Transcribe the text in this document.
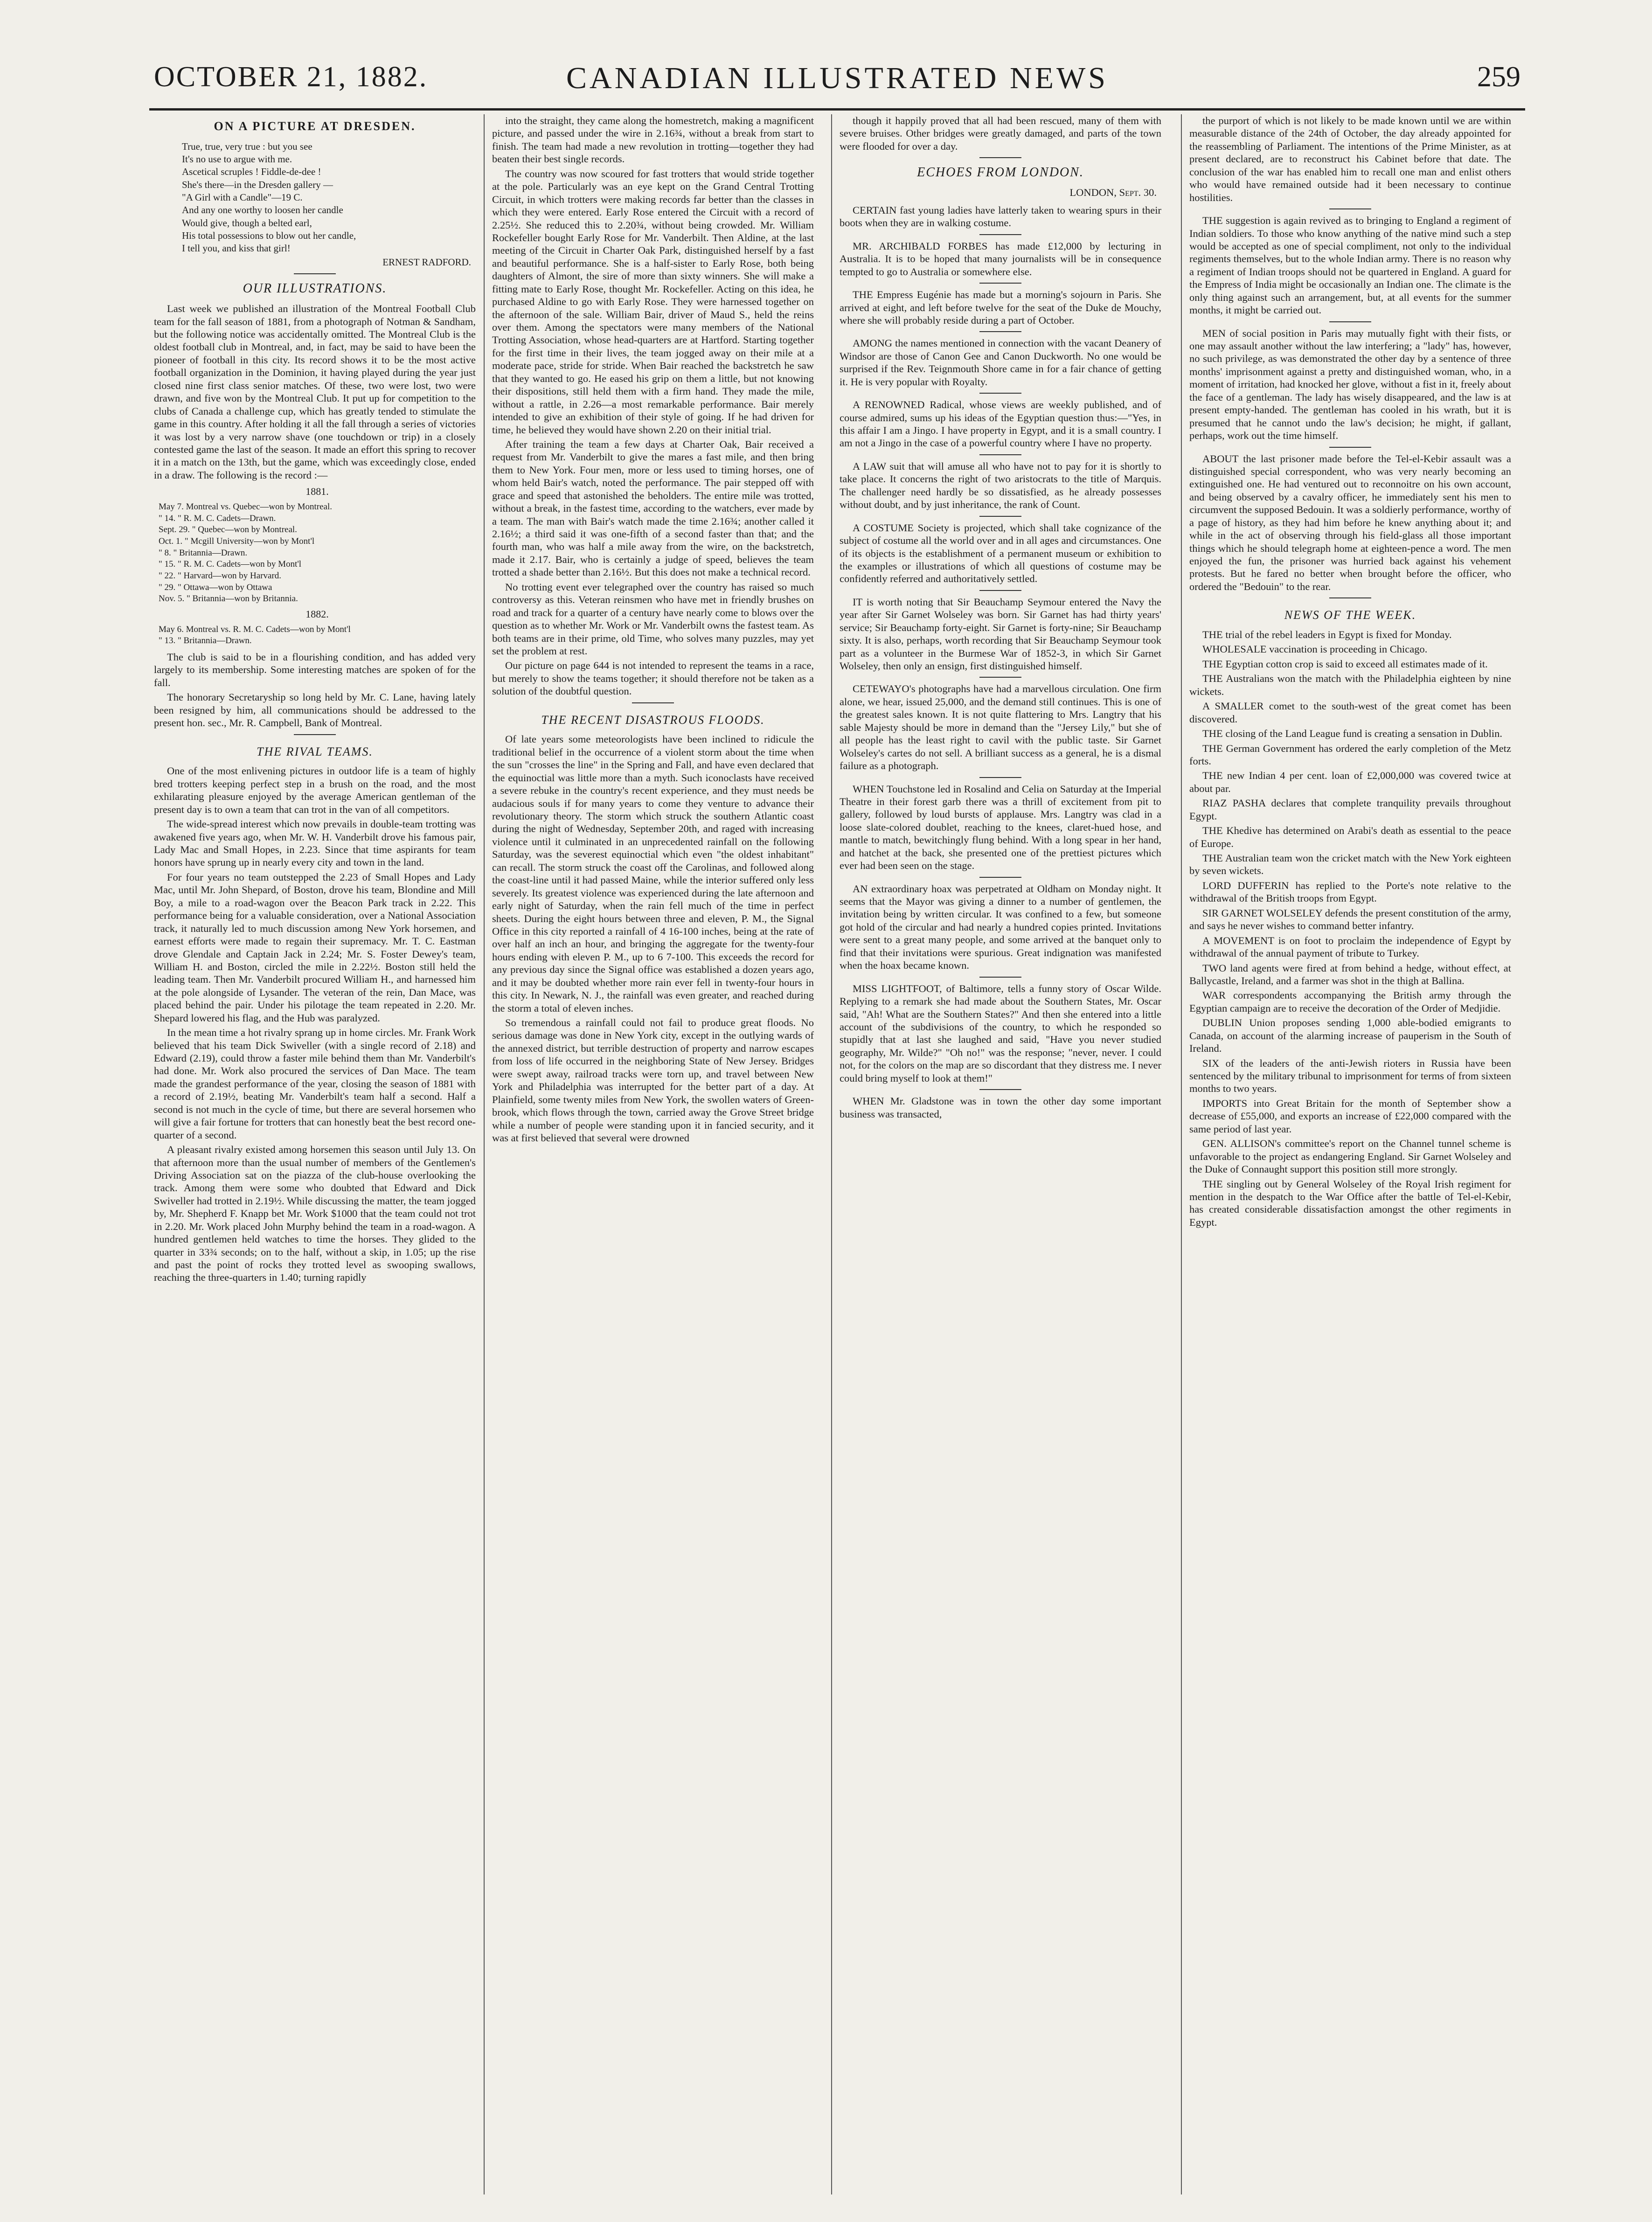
OCTOBER 21, 1882.	CANADIAN ILLUSTRATED NEWS	259
ON A PICTURE AT DRESDEN.
True, true, very true : but you see
It's no use to argue with me.
Ascetical scruples ! Fiddle-de-dee !
She's there—in the Dresden gallery —
"A Girl with a Candle"—19 C.
And any one worthy to loosen her candle
Would give, though a belted earl,
His total possessions to blow out her candle,
I tell you, and kiss that girl!
ERNEST RADFORD.
OUR ILLUSTRATIONS.

Last week we published an illustration of the Montreal Football Club team for the fall season of 1881, from a photograph of Notman & Sandham, but the following notice was accidentally omitted. The Montreal Club is the oldest football club in Montreal, and, in fact, may be said to have been the pioneer of football in this city. Its record shows it to be the most active football organization in the Dominion, it having played during the year just closed nine first class senior matches. Of these, two were lost, two were drawn, and five won by the Montreal Club. It put up for competition to the clubs of Canada a challenge cup, which has greatly tended to stimulate the game in this country. After holding it all the fall through a series of victories it was lost by a very narrow shave (one touchdown or trip) in a closely contested game the last of the season. It made an effort this spring to recover it in a match on the 13th, but the game, which was exceedingly close, ended in a draw. The following is the record :—

1881.
May 7. Montreal vs. Quebec—won by Montreal.
" 14. " R. M. C. Cadets—Drawn.
Sept. 29. " Quebec—won by Montreal.
Oct. 1. " Mcgill University—won by Mont'l
" 8. " Britannia—Drawn.
" 15. " R. M. C. Cadets—won by Mont'l
" 22. " Harvard—won by Harvard.
" 29. " Ottawa—won by Ottawa
Nov. 5. " Britannia—won by Britannia.
1882.
May 6. Montreal vs. R. M. C. Cadets—won by Mont'l
" 13. " Britannia—Drawn.

The club is said to be in a flourishing condition, and has added very largely to its membership. Some interesting matches are spoken of for the fall.

The honorary Secretaryship so long held by Mr. C. Lane, having lately been resigned by him, all communications should be addressed to the present hon. sec., Mr. R. Campbell, Bank of Montreal.

THE RIVAL TEAMS.

One of the most enlivening pictures in outdoor life is a team of highly bred trotters keeping perfect step in a brush on the road, and the most exhilarating pleasure enjoyed by the average American gentleman of the present day is to own a team that can trot in the van of all competitors.

The wide-spread interest which now prevails in double-team trotting was awakened five years ago, when Mr. W. H. Vanderbilt drove his famous pair, Lady Mac and Small Hopes, in 2.23. Since that time aspirants for team honors have sprung up in nearly every city and town in the land.

For four years no team outstepped the 2.23 of Small Hopes and Lady Mac, until Mr. John Shepard, of Boston, drove his team, Blondine and Mill Boy, a mile to a road-wagon over the Beacon Park track in 2.22. This performance being for a valuable consideration, over a National Association track, it naturally led to much discussion among New York horsemen, and earnest efforts were made to regain their supremacy. Mr. T. C. Eastman drove Glendale and Captain Jack in 2.24; Mr. S. Foster Dewey's team, William H. and Boston, circled the mile in 2.22½. Boston still held the leading team. Then Mr. Vanderbilt procured William H., and harnessed him at the pole alongside of Lysander. The veteran of the rein, Dan Mace, was placed behind the pair. Under his pilotage the team repeated in 2.20. Mr. Shepard lowered his flag, and the Hub was paralyzed.

In the mean time a hot rivalry sprang up in home circles. Mr. Frank Work believed that his team Dick Swiveller (with a single record of 2.18) and Edward (2.19), could throw a faster mile behind them than Mr. Vanderbilt's had done. Mr. Work also procured the services of Dan Mace. The team made the grandest performance of the year, closing the season of 1881 with a record of 2.19½, beating Mr. Vanderbilt's team half a second. Half a second is not much in the cycle of time, but there are several horsemen who will give a fair fortune for trotters that can honestly beat the best record one-quarter of a second.

A pleasant rivalry existed among horsemen this season until July 13. On that afternoon more than the usual number of members of the Gentlemen's Driving Association sat on the piazza of the club-house overlooking the track. Among them were some who doubted that Edward and Dick Swiveller had trotted in 2.19½. While discussing the matter, the team jogged by, Mr. Shepherd F. Knapp bet Mr. Work $1000 that the team could not trot in 2.20. Mr. Work placed John Murphy behind the team in a road-wagon. A hundred gentlemen held watches to time the horses. They glided to the quarter in 33¾ seconds; on to the half, without a skip, in 1.05; up the rise and past the point of rocks they trotted level as swooping swallows, reaching the three-quarters in 1.40; turning rapidly

into the straight, they came along the homestretch, making a magnificent picture, and passed under the wire in 2.16¾, without a break from start to finish. The team had made a new revolution in trotting—together they had beaten their best single records.

The country was now scoured for fast trotters that would stride together at the pole. Particularly was an eye kept on the Grand Central Trotting Circuit, in which trotters were making records far better than the classes in which they were entered. Early Rose entered the Circuit with a record of 2.25½. She reduced this to 2.20¾, without being crowded. Mr. William Rockefeller bought Early Rose for Mr. Vanderbilt. Then Aldine, at the last meeting of the Circuit in Charter Oak Park, distinguished herself by a fast and beautiful performance. She is a half-sister to Early Rose, both being daughters of Almont, the sire of more than sixty winners. She will make a fitting mate to Early Rose, thought Mr. Rockefeller. Acting on this idea, he purchased Aldine to go with Early Rose. They were harnessed together on the afternoon of the sale. William Bair, driver of Maud S., held the reins over them. Among the spectators were many members of the National Trotting Association, whose head-quarters are at Hartford. Starting together for the first time in their lives, the team jogged away on their mile at a moderate pace, stride for stride. When Bair reached the backstretch he saw that they wanted to go. He eased his grip on them a little, but not knowing their dispositions, still held them with a firm hand. They made the mile, without a rattle, in 2.26—a most remarkable performance. Bair merely intended to give an exhibition of their style of going. If he had driven for time, he believed they would have shown 2.20 on their initial trial.

After training the team a few days at Charter Oak, Bair received a request from Mr. Vanderbilt to give the mares a fast mile, and then bring them to New York. Four men, more or less used to timing horses, one of whom held Bair's watch, noted the performance. The pair stepped off with grace and speed that astonished the beholders. The entire mile was trotted, without a break, in the fastest time, according to the watchers, ever made by a team. The man with Bair's watch made the time 2.16¾; another called it 2.16½; a third said it was one-fifth of a second faster than that; and the fourth man, who was half a mile away from the wire, on the backstretch, made it 2.17. Bair, who is certainly a judge of speed, believes the team trotted a shade better than 2.16½. But this does not make a technical record.

No trotting event ever telegraphed over the country has raised so much controversy as this. Veteran reinsmen who have met in friendly brushes on road and track for a quarter of a century have nearly come to blows over the question as to whether Mr. Work or Mr. Vanderbilt owns the fastest team. As both teams are in their prime, old Time, who solves many puzzles, may yet set the problem at rest.

Our picture on page 644 is not intended to represent the teams in a race, but merely to show the teams together; it should therefore not be taken as a solution of the doubtful question.

THE RECENT DISASTROUS FLOODS.

Of late years some meteorologists have been inclined to ridicule the traditional belief in the occurrence of a violent storm about the time when the sun "crosses the line" in the Spring and Fall, and have even declared that the equinoctial was little more than a myth. Such iconoclasts have received a severe rebuke in the country's recent experience, and they must needs be audacious souls if for many years to come they venture to advance their revolutionary theory. The storm which struck the southern Atlantic coast during the night of Wednesday, September 20th, and raged with increasing violence until it culminated in an unprecedented rainfall on the following Saturday, was the severest equinoctial which even "the oldest inhabitant" can recall. The storm struck the coast off the Carolinas, and followed along the coast-line until it had passed Maine, while the interior suffered only less severely. Its greatest violence was experienced during the late afternoon and early night of Saturday, when the rain fell much of the time in perfect sheets. During the eight hours between three and eleven, P. M., the Signal Office in this city reported a rainfall of 4 16-100 inches, being at the rate of over half an inch an hour, and bringing the aggregate for the twenty-four hours ending with eleven P. M., up to 6 7-100. This exceeds the record for any previous day since the Signal office was established a dozen years ago, and it may be doubted whether more rain ever fell in twenty-four hours in this city. In Newark, N. J., the rainfall was even greater, and reached during the storm a total of eleven inches.

So tremendous a rainfall could not fail to produce great floods. No serious damage was done in New York city, except in the outlying wards of the annexed district, but terrible destruction of property and narrow escapes from loss of life occurred in the neighboring State of New Jersey. Bridges were swept away, railroad tracks were torn up, and travel between New York and Philadelphia was interrupted for the better part of a day. At Plainfield, some twenty miles from New York, the swollen waters of Green-brook, which flows through the town, carried away the Grove Street bridge while a number of people were standing upon it in fancied security, and it was at first believed that several were drowned

though it happily proved that all had been rescued, many of them with severe bruises. Other bridges were greatly damaged, and parts of the town were flooded for over a day.

ECHOES FROM LONDON.
LONDON, Sept. 30.

CERTAIN fast young ladies have latterly taken to wearing spurs in their boots when they are in walking costume.

MR. ARCHIBALD FORBES has made £12,000 by lecturing in Australia. It is to be hoped that many journalists will be in consequence tempted to go to Australia or somewhere else.

THE Empress Eugénie has made but a morning's sojourn in Paris. She arrived at eight, and left before twelve for the seat of the Duke de Mouchy, where she will probably reside during a part of October.

AMONG the names mentioned in connection with the vacant Deanery of Windsor are those of Canon Gee and Canon Duckworth. No one would be surprised if the Rev. Teignmouth Shore came in for a fair chance of getting it. He is very popular with Royalty.

A RENOWNED Radical, whose views are weekly published, and of course admired, sums up his ideas of the Egyptian question thus:—"Yes, in this affair I am a Jingo. I have property in Egypt, and it is a small country. I am not a Jingo in the case of a powerful country where I have no property.

A LAW suit that will amuse all who have not to pay for it is shortly to take place. It concerns the right of two aristocrats to the title of Marquis. The challenger need hardly be so dissatisfied, as he already possesses without doubt, and by just inheritance, the rank of Count.

A COSTUME Society is projected, which shall take cognizance of the subject of costume all the world over and in all ages and circumstances. One of its objects is the establishment of a permanent museum or exhibition to the examples or illustrations of which all questions of costume may be confidently referred and authoritatively settled.

IT is worth noting that Sir Beauchamp Seymour entered the Navy the year after Sir Garnet Wolseley was born. Sir Garnet has had thirty years' service; Sir Beauchamp forty-eight. Sir Garnet is forty-nine; Sir Beauchamp sixty. It is also, perhaps, worth recording that Sir Beauchamp Seymour took part as a volunteer in the Burmese War of 1852-3, in which Sir Garnet Wolseley, then only an ensign, first distinguished himself.

CETEWAYO's photographs have had a marvellous circulation. One firm alone, we hear, issued 25,000, and the demand still continues. This is one of the greatest sales known. It is not quite flattering to Mrs. Langtry that his sable Majesty should be more in demand than the "Jersey Lily," but she of all people has the least right to cavil with the public taste. Sir Garnet Wolseley's cartes do not sell. A brilliant success as a general, he is a dismal failure as a photograph.

WHEN Touchstone led in Rosalind and Celia on Saturday at the Imperial Theatre in their forest garb there was a thrill of excitement from pit to gallery, followed by loud bursts of applause. Mrs. Langtry was clad in a loose slate-colored doublet, reaching to the knees, claret-hued hose, and mantle to match, bewitchingly flung behind. With a long spear in her hand, and hatchet at the back, she presented one of the prettiest pictures which ever had been seen on the stage.

AN extraordinary hoax was perpetrated at Oldham on Monday night. It seems that the Mayor was giving a dinner to a number of gentlemen, the invitation being by written circular. It was confined to a few, but someone got hold of the circular and had nearly a hundred copies printed. Invitations were sent to a great many people, and some arrived at the banquet only to find that their invitations were spurious. Great indignation was manifested when the hoax became known.

MISS LIGHTFOOT, of Baltimore, tells a funny story of Oscar Wilde. Replying to a remark she had made about the Southern States, Mr. Oscar said, "Ah! What are the Southern States?" And then she entered into a little account of the subdivisions of the country, to which he responded so stupidly that at last she laughed and said, "Have you never studied geography, Mr. Wilde?" "Oh no!" was the response; "never, never. I could not, for the colors on the map are so discordant that they distress me. I never could bring myself to look at them!"

WHEN Mr. Gladstone was in town the other day some important business was transacted,

the purport of which is not likely to be made known until we are within measurable distance of the 24th of October, the day already appointed for the reassembling of Parliament. The intentions of the Prime Minister, as at present declared, are to reconstruct his Cabinet before that date. The conclusion of the war has enabled him to recall one man and enlist others who would have remained outside had it been necessary to continue hostilities.

THE suggestion is again revived as to bringing to England a regiment of Indian soldiers. To those who know anything of the native mind such a step would be accepted as one of special compliment, not only to the individual regiments themselves, but to the whole Indian army. There is no reason why a regiment of Indian troops should not be quartered in England. A guard for the Empress of India might be occasionally an Indian one. The climate is the only thing against such an arrangement, but, at all events for the summer months, it might be carried out.

MEN of social position in Paris may mutually fight with their fists, or one may assault another without the law interfering; a "lady" has, however, no such privilege, as was demonstrated the other day by a sentence of three months' imprisonment against a pretty and distinguished woman, who, in a moment of irritation, had knocked her glove, without a fist in it, freely about the face of a gentleman. The lady has wisely disappeared, and the law is at present empty-handed. The gentleman has cooled in his wrath, but it is presumed that he cannot undo the law's decision; he might, if gallant, perhaps, work out the time himself.

ABOUT the last prisoner made before the Tel-el-Kebir assault was a distinguished special correspondent, who was very nearly becoming an extinguished one. He had ventured out to reconnoitre on his own account, and being observed by a cavalry officer, he immediately sent his men to circumvent the supposed Bedouin. It was a soldierly performance, worthy of a page of history, as they had him before he knew anything about it; and while in the act of observing through his field-glass all those important things which he should telegraph home at eighteen-pence a word. The men enjoyed the fun, the prisoner was hurried back against his vehement protests. But he fared no better when brought before the officer, who ordered the "Bedouin" to the rear.

NEWS OF THE WEEK.

THE trial of the rebel leaders in Egypt is fixed for Monday.

WHOLESALE vaccination is proceeding in Chicago.

THE Egyptian cotton crop is said to exceed all estimates made of it.

THE Australians won the match with the Philadelphia eighteen by nine wickets.

A SMALLER comet to the south-west of the great comet has been discovered.

THE closing of the Land League fund is creating a sensation in Dublin.

THE German Government has ordered the early completion of the Metz forts.

THE new Indian 4 per cent. loan of £2,000,000 was covered twice at about par.

RIAZ PASHA declares that complete tranquility prevails throughout Egypt.

THE Khedive has determined on Arabi's death as essential to the peace of Europe.

THE Australian team won the cricket match with the New York eighteen by seven wickets.

LORD DUFFERIN has replied to the Porte's note relative to the withdrawal of the British troops from Egypt.

SIR GARNET WOLSELEY defends the present constitution of the army, and says he never wishes to command better infantry.

A MOVEMENT is on foot to proclaim the independence of Egypt by withdrawal of the annual payment of tribute to Turkey.

TWO land agents were fired at from behind a hedge, without effect, at Ballycastle, Ireland, and a farmer was shot in the thigh at Ballina.

WAR correspondents accompanying the British army through the Egyptian campaign are to receive the decoration of the Order of Medjidie.

DUBLIN Union proposes sending 1,000 able-bodied emigrants to Canada, on account of the alarming increase of pauperism in the South of Ireland.

SIX of the leaders of the anti-Jewish rioters in Russia have been sentenced by the military tribunal to imprisonment for terms of from sixteen months to two years.

IMPORTS into Great Britain for the month of September show a decrease of £55,000, and exports an increase of £22,000 compared with the same period of last year.

GEN. ALLISON's committee's report on the Channel tunnel scheme is unfavorable to the project as endangering England. Sir Garnet Wolseley and the Duke of Connaught support this position still more strongly.

THE singling out by General Wolseley of the Royal Irish regiment for mention in the despatch to the War Office after the battle of Tel-el-Kebir, has created considerable dissatisfaction amongst the other regiments in Egypt.
